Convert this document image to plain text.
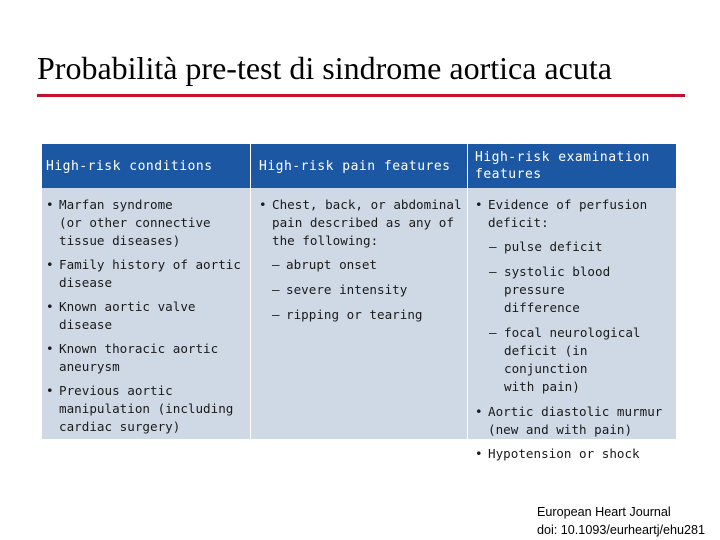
Probabilità pre-test di sindrome aortica acuta
High-risk conditions	High-risk pain features
High-risk examination
features
• Marfan syndrome
(or other connective
tissue diseases)
• Family history of aortic
disease
• Known aortic valve
disease
• Known thoracic aortic
aneurysm
• Previous aortic
manipulation (including
cardiac surgery)
• Chest, back, or abdominal
pain described as any of
the following:
– abrupt onset
– severe intensity
– ripping or tearing
• Evidence of perfusion
deficit:
– pulse deficit
– systolic blood pressure
difference
– focal neurological
deficit (in conjunction
with pain)
• Aortic diastolic murmur
(new and with pain)
• Hypotension or shock
European Heart Journal
doi: 10.1093/eurheartj/ehu281
